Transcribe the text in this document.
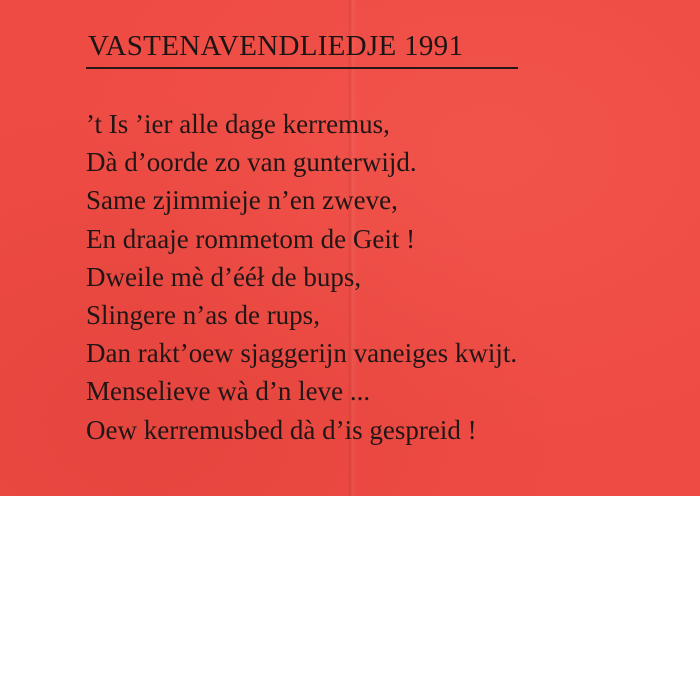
VASTENAVENDLIEDJE 1991
’t Is ’ier alle dage kerremus,
Dà d’oorde zo van gunterwijd.
Same zjimmieje n’en zweve,
En draaje rommetom de Geit !
Dweile mè d’ééł de bups,
Slingere n’as de rups,
Dan rakt’oew sjaggerijn vaneiges kwijt.
Menselieve wà d’n leve ...
Oew kerremusbed dà d’is gespreid !
